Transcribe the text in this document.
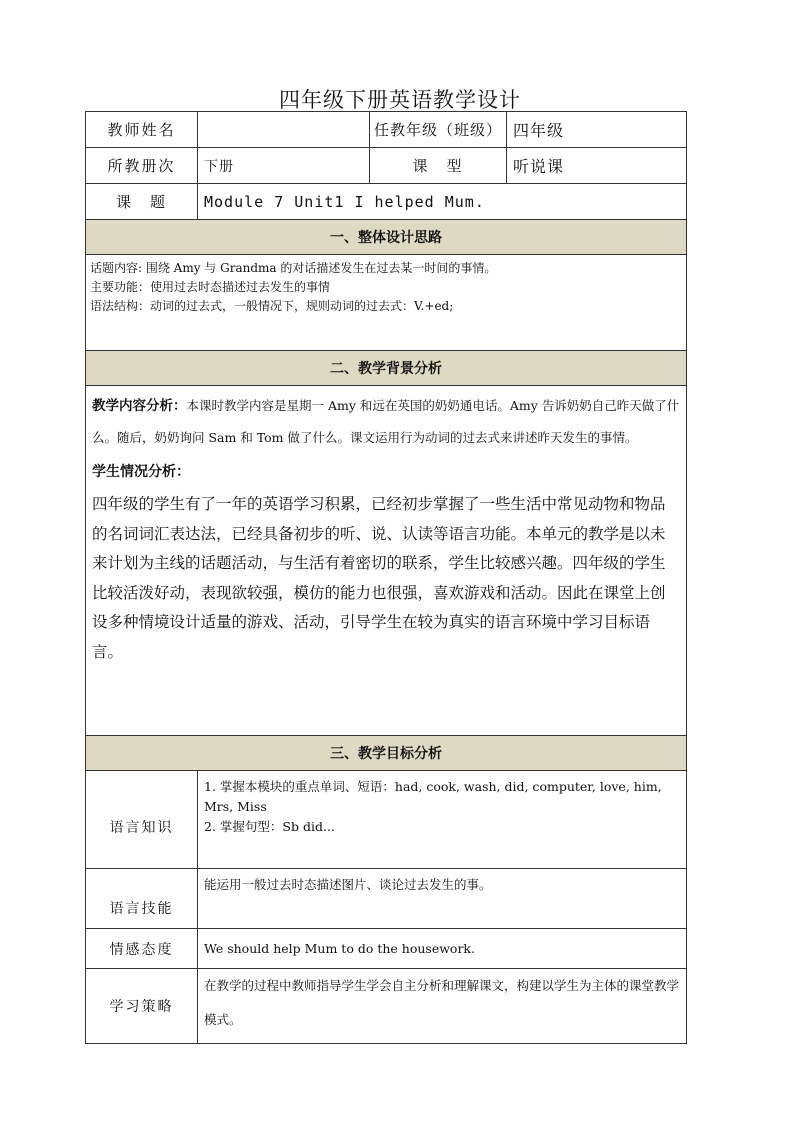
四年级下册英语教学设计
教师姓名		任教年级（班级）	四年级
所教册次	下册	课　型	听说课
课　题	Module 7 Unit1 I helped Mum.		
一、整体设计思路			

话题内容: 围绕 Amy 与 Grandma 的对话描述发生在过去某一时间的事情。
主要功能：使用过去时态描述过去发生的事情
语法结构：动词的过去式，一般情况下，规则动词的过去式：V.+ed;			

二、教学背景分析			

教学内容分析：本课时教学内容是星期一 Amy 和远在英国的奶奶通电话。Amy 告诉奶奶自己昨天做了什么。随后，奶奶询问 Sam 和 Tom 做了什么。课文运用行为动词的过去式来讲述昨天发生的事情。
学生情况分析：
四年级的学生有了一年的英语学习积累，已经初步掌握了一些生活中常见动物和物品的名词词汇表达法，已经具备初步的听、说、认读等语言功能。本单元的教学是以未来计划为主线的话题活动，与生活有着密切的联系，学生比较感兴趣。四年级的学生比较活泼好动，表现欲较强，模仿的能力也很强，喜欢游戏和活动。因此在课堂上创设多种情境设计适量的游戏、活动，引导学生在较为真实的语言环境中学习目标语言。			

三、教学目标分析			
语言知识	1. 掌握本模块的重点单词、短语：had, cook, wash, did, computer, love, him, Mrs, Miss
2. 掌握句型：Sb did...		

语言技能	能运用一般过去时态描述图片、谈论过去发生的事。		

情感态度	We should help Mum to do the housework.		

学习策略	在教学的过程中教师指导学生学会自主分析和理解课文，构建以学生为主体的课堂教学模式。		
